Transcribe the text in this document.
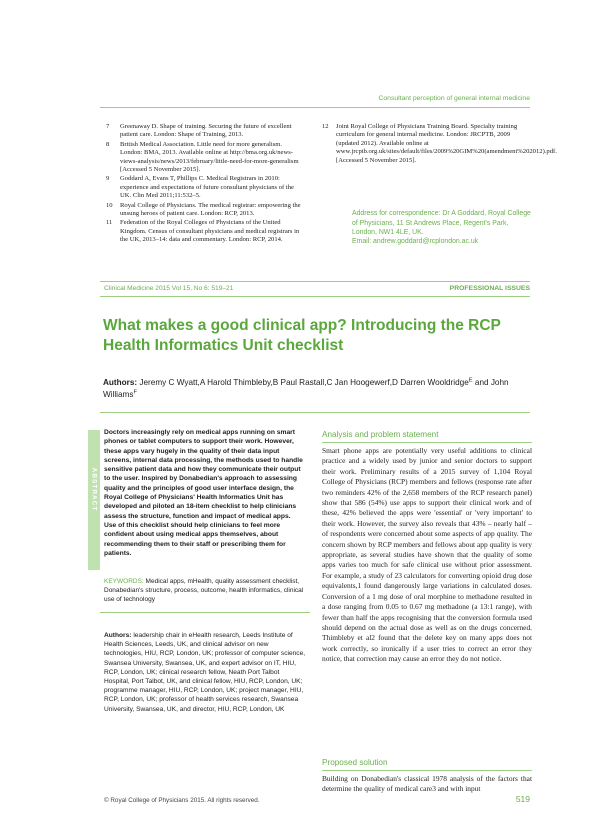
Consultant perception of general internal medicine
7 Greenaway D. Shape of training. Securing the future of excellent patient care. London: Shape of Training, 2013.
8 British Medical Association. Little need for more generalism. London: BMA, 2013. Available online at http://bma.org.uk/news-views-analysis/news/2013/february/little-need-for-more-generalism [Accessed 5 November 2015].
9 Goddard A, Evans T, Phillips C. Medical Registrars in 2010: experience and expectations of future consultant physicians of the UK. Clin Med 2011;11:532–5.
10 Royal College of Physicians. The medical registrar: empowering the unsung heroes of patient care. London: RCP, 2013.
11 Federation of the Royal Colleges of Physicians of the United Kingdom. Census of consultant physicians and medical registrars in the UK, 2013–14: data and commentary. London: RCP, 2014.
12 Joint Royal College of Physicians Training Board. Specialty training curriculum for general internal medicine. London: JRCPTB, 2009 (updated 2012). Available online at www.jrcptb.org.uk/sites/default/files/2009%20GIM%20(amendment%202012).pdf. [Accessed 5 November 2015].
Address for correspondence: Dr A Goddard, Royal College of Physicians, 11 St Andrews Place, Regent's Park, London, NW1 4LE, UK.
Email: andrew.goddard@rcplondon.ac.uk
Clinical Medicine 2015 Vol 15, No 6: 519–21	PROFESSIONAL ISSUES
What makes a good clinical app? Introducing the RCP Health Informatics Unit checklist
Authors: Jeremy C Wyatt,A Harold Thimbleby,B Paul Rastall,C Jan Hoogewerf,D Darren Wooldridge$^E$ and John Williams$^F$
ABSTRACT
Doctors increasingly rely on medical apps running on smart phones or tablet computers to support their work. However, these apps vary hugely in the quality of their data input screens, internal data processing, the methods used to handle sensitive patient data and how they communicate their output to the user. Inspired by Donabedian's approach to assessing quality and the principles of good user interface design, the Royal College of Physicians' Health Informatics Unit has developed and piloted an 18-item checklist to help clinicians assess the structure, function and impact of medical apps. Use of this checklist should help clinicians to feel more confident about using medical apps themselves, about recommending them to their staff or prescribing them for patients.
KEYWORDS: Medical apps, mHealth, quality assessment checklist, Donabedian's structure, process, outcome, health informatics, clinical use of technology
Authors: leadership chair in eHealth research, Leeds Institute of Health Sciences, Leeds, UK, and clinical advisor on new technologies, HIU, RCP, London, UK; professor of computer science, Swansea University, Swansea, UK, and expert advisor on IT, HIU, RCP, London, UK; clinical research fellow, Neath Port Talbot Hospital, Port Talbot, UK, and clinical fellow, HIU, RCP, London, UK; programme manager, HIU, RCP, London, UK; project manager, HIU, RCP, London, UK; professor of health services research, Swansea University, Swansea, UK, and director, HIU, RCP, London, UK
Analysis and problem statement
Smart phone apps are potentially very useful additions to clinical practice and a widely used by junior and senior doctors to support their work. Preliminary results of a 2015 survey of 1,104 Royal College of Physicians (RCP) members and fellows (response rate after two reminders 42% of the 2,658 members of the RCP research panel) show that 586 (54%) use apps to support their clinical work and of these, 42% believed the apps were 'essential' or 'very important' to their work. However, the survey also reveals that 43% – nearly half – of respondents were concerned about some aspects of app quality. The concern shown by RCP members and fellows about app quality is very appropriate, as several studies have shown that the quality of some apps varies too much for safe clinical use without prior assessment. For example, a study of 23 calculators for converting opioid drug dose equivalents,1 found dangerously large variations in calculated doses. Conversion of a 1 mg dose of oral morphine to methadone resulted in a dose ranging from 0.05 to 0.67 mg methadone (a 13:1 range), with fewer than half the apps recognising that the conversion formula used should depend on the actual dose as well as on the drugs concerned. Thimbleby et al2 found that the delete key on many apps does not work correctly, so ironically if a user tries to correct an error they notice, that correction may cause an error they do not notice.
Proposed solution
Building on Donabedian's classical 1978 analysis of the factors that determine the quality of medical care3 and with input
© Royal College of Physicians 2015. All rights reserved.	519
